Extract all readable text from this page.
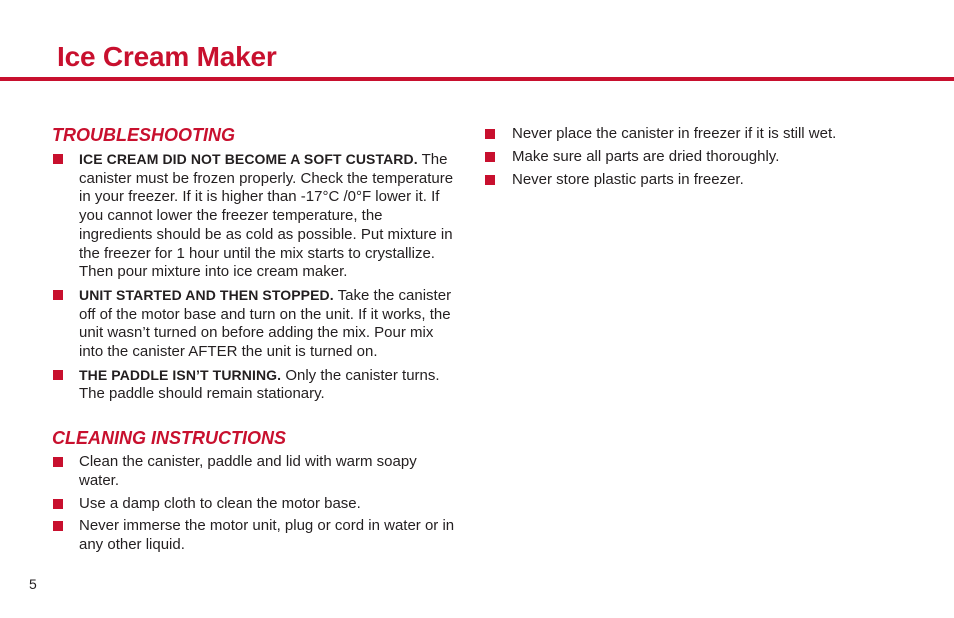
Ice Cream Maker
TROUBLESHOOTING
ICE CREAM DID NOT BECOME A SOFT CUSTARD. The canister must be frozen properly. Check the temperature in your freezer. If it is higher than -17°C /0°F lower it. If you cannot lower the freezer temperature, the ingredients should be as cold as possible. Put mixture in the freezer for 1 hour until the mix starts to crystallize. Then pour mixture into ice cream maker.
UNIT STARTED AND THEN STOPPED. Take the canister off of the motor base and turn on the unit. If it works, the unit wasn’t turned on before adding the mix. Pour mix into the canister AFTER the unit is turned on.
THE PADDLE ISN’T TURNING. Only the canister turns. The paddle should remain stationary.
CLEANING INSTRUCTIONS
Clean the canister, paddle and lid with warm soapy water.
Use a damp cloth to clean the motor base.
Never immerse the motor unit, plug or cord in water or in any other liquid.
Never place the canister in freezer if it is still wet.
Make sure all parts are dried thoroughly.
Never store plastic parts in freezer.
5
